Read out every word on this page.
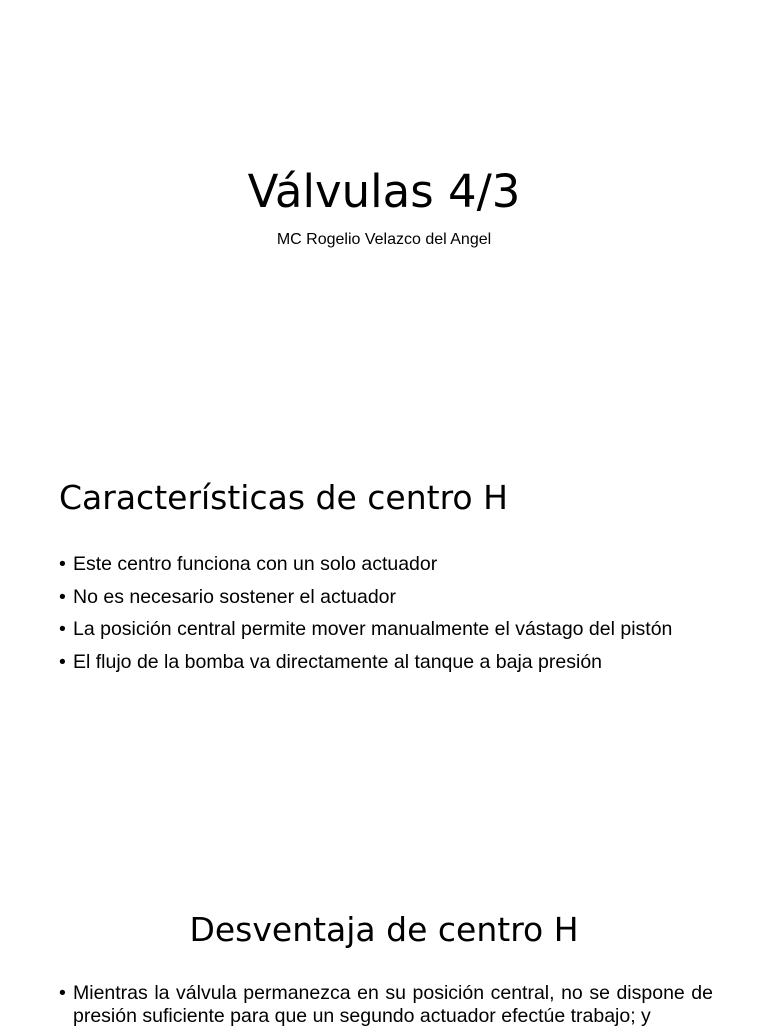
Válvulas 4/3
MC Rogelio Velazco del Angel
Características de centro H
• Este centro funciona con un solo actuador
• No es necesario sostener el actuador
• La posición central permite mover manualmente el vástago del pistón
• El flujo de la bomba va directamente al tanque a baja presión
Desventaja de centro H
• Mientras la válvula permanezca en su posición central, no se dispone de presión suficiente para que un segundo actuador efectúe trabajo; y
